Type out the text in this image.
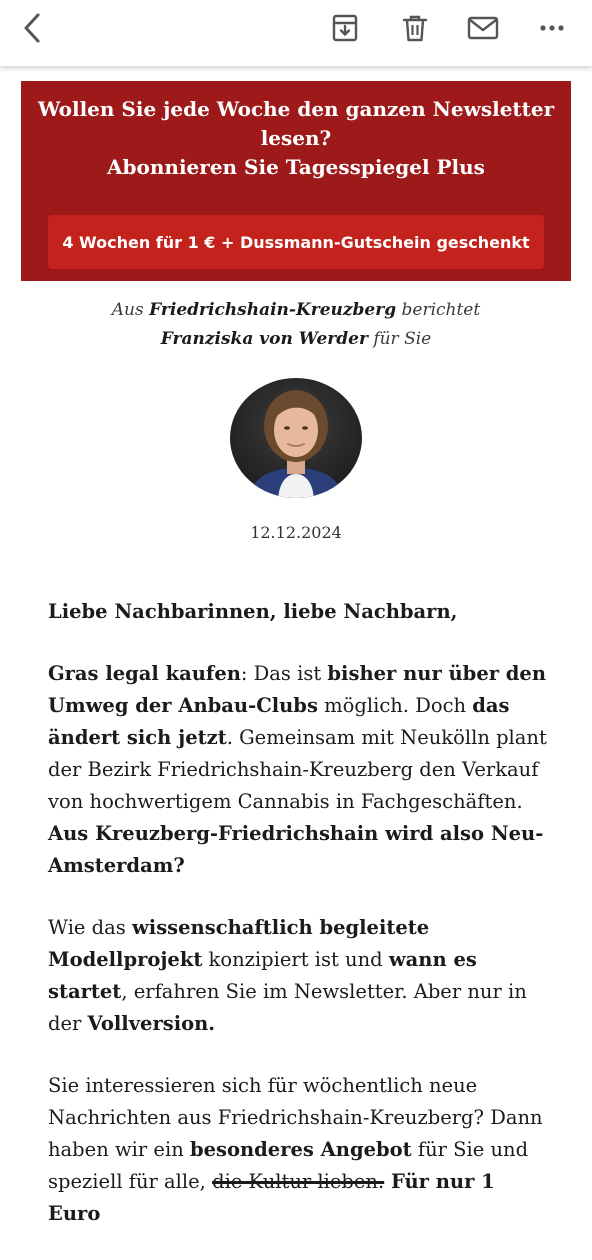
Wollen Sie jede Woche den ganzen Newsletter lesen?
Abonnieren Sie Tagesspiegel Plus
4 Wochen für 1 € + Dussmann-Gutschein geschenkt
Aus Friedrichshain-Kreuzberg berichtet
Franziska von Werder für Sie
12.12.2024

Liebe Nachbarinnen, liebe Nachbarn,

Gras legal kaufen: Das ist bisher nur über den Umweg der Anbau-Clubs möglich. Doch das ändert sich jetzt. Gemeinsam mit Neukölln plant der Bezirk Friedrichshain-Kreuzberg den Verkauf von hochwertigem Cannabis in Fachgeschäften. Aus Kreuzberg-Friedrichshain wird also Neu-Amsterdam?

Wie das wissenschaftlich begleitete Modellprojekt konzipiert ist und wann es startet, erfahren Sie im Newsletter. Aber nur in der Vollversion.

Sie interessieren sich für wöchentlich neue Nachrichten aus Friedrichshain-Kreuzberg? Dann haben wir ein besonderes Angebot für Sie und speziell für alle, die Kultur lieben. Für nur 1 Euro
